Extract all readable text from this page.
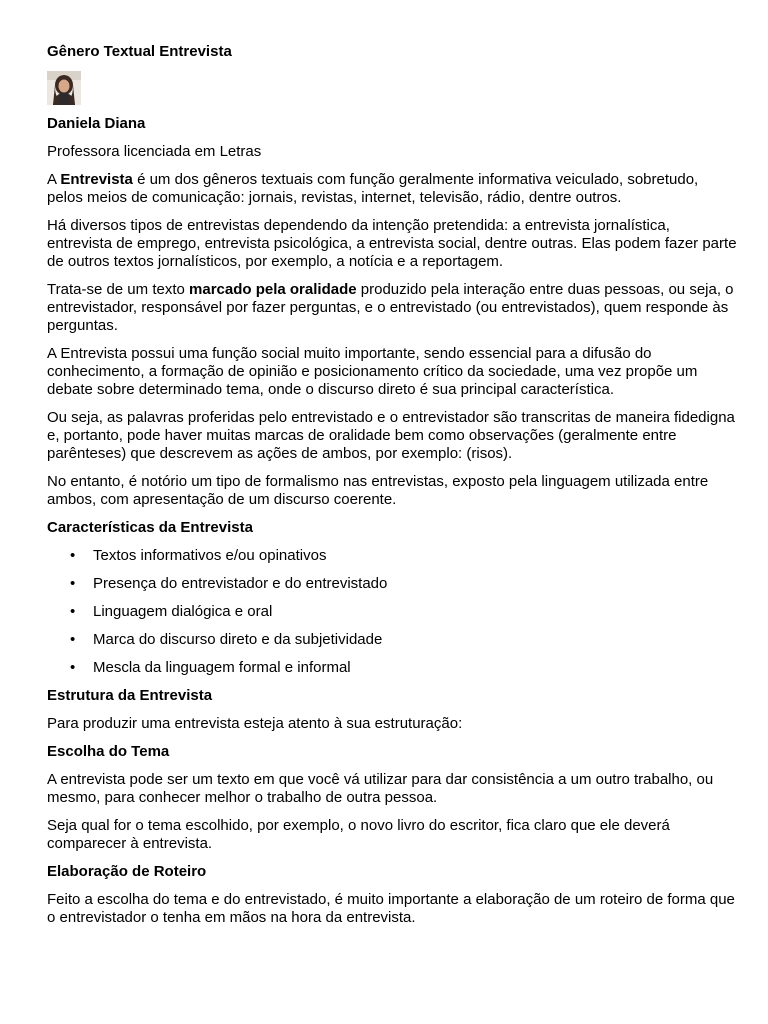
Gênero Textual Entrevista

Daniela Diana

Professora licenciada em Letras

A Entrevista é um dos gêneros textuais com função geralmente informativa veiculado, sobretudo, pelos meios de comunicação: jornais, revistas, internet, televisão, rádio, dentre outros.

Há diversos tipos de entrevistas dependendo da intenção pretendida: a entrevista jornalística, entrevista de emprego, entrevista psicológica, a entrevista social, dentre outras. Elas podem fazer parte de outros textos jornalísticos, por exemplo, a notícia e a reportagem.

Trata-se de um texto marcado pela oralidade produzido pela interação entre duas pessoas, ou seja, o entrevistador, responsável por fazer perguntas, e o entrevistado (ou entrevistados), quem responde às perguntas.

A Entrevista possui uma função social muito importante, sendo essencial para a difusão do conhecimento, a formação de opinião e posicionamento crítico da sociedade, uma vez propõe um debate sobre determinado tema, onde o discurso direto é sua principal característica.

Ou seja, as palavras proferidas pelo entrevistado e o entrevistador são transcritas de maneira fidedigna e, portanto, pode haver muitas marcas de oralidade bem como observações (geralmente entre parênteses) que descrevem as ações de ambos, por exemplo: (risos).

No entanto, é notório um tipo de formalismo nas entrevistas, exposto pela linguagem utilizada entre ambos, com apresentação de um discurso coerente.

Características da Entrevista
• Textos informativos e/ou opinativos
• Presença do entrevistador e do entrevistado
• Linguagem dialógica e oral
• Marca do discurso direto e da subjetividade
• Mescla da linguagem formal e informal
Estrutura da Entrevista

Para produzir uma entrevista esteja atento à sua estruturação:

Escolha do Tema

A entrevista pode ser um texto em que você vá utilizar para dar consistência a um outro trabalho, ou mesmo, para conhecer melhor o trabalho de outra pessoa.

Seja qual for o tema escolhido, por exemplo, o novo livro do escritor, fica claro que ele deverá comparecer à entrevista.

Elaboração de Roteiro

Feito a escolha do tema e do entrevistado, é muito importante a elaboração de um roteiro de forma que o entrevistador o tenha em mãos na hora da entrevista.
